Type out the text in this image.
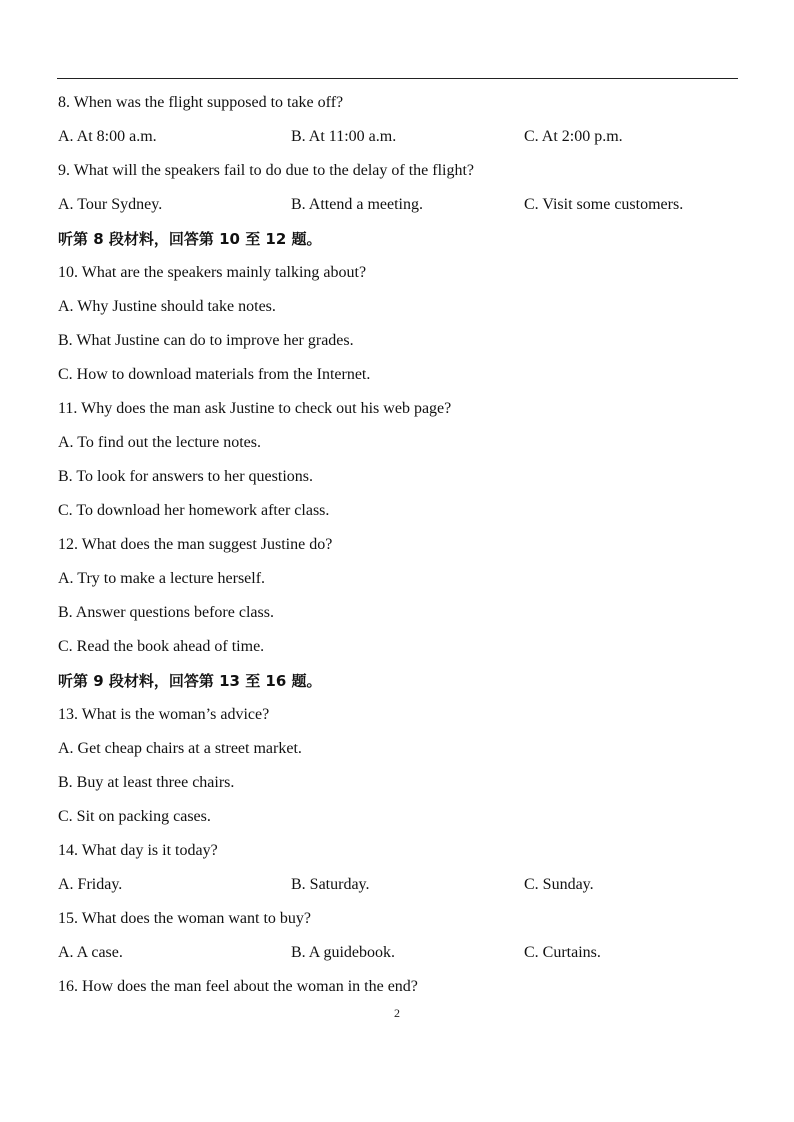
8. When was the flight supposed to take off?
A. At 8:00 a.m.	B. At 11:00 a.m.	C. At 2:00 p.m.
9. What will the speakers fail to do due to the delay of the flight?
A. Tour Sydney.	B. Attend a meeting.	C. Visit some customers.
听第 8 段材料，回答第 10 至 12 题。
10. What are the speakers mainly talking about?
A. Why Justine should take notes.
B. What Justine can do to improve her grades.
C. How to download materials from the Internet.
11. Why does the man ask Justine to check out his web page?
A. To find out the lecture notes.
B. To look for answers to her questions.
C. To download her homework after class.
12. What does the man suggest Justine do?
A. Try to make a lecture herself.
B. Answer questions before class.
C. Read the book ahead of time.
听第 9 段材料，回答第 13 至 16 题。
13. What is the woman’s advice?
A. Get cheap chairs at a street market.
B. Buy at least three chairs.
C. Sit on packing cases.
14. What day is it today?
A. Friday.	B. Saturday.	C. Sunday.
15. What does the woman want to buy?
A. A case.	B. A guidebook.	C. Curtains.
16. How does the man feel about the woman in the end?
2
